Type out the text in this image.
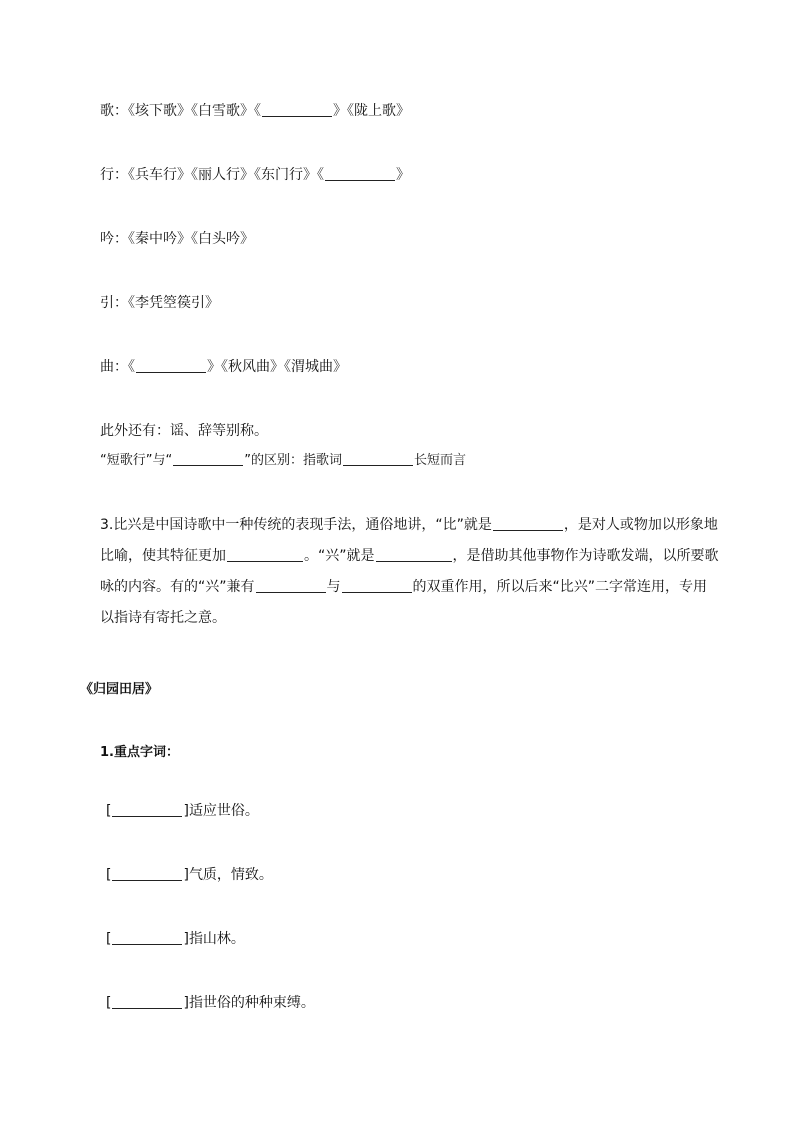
歌：《垓下歌》《白雪歌》《	》《陇上歌》

行：《兵车行》《丽人行》《东门行》《	》

吟：《秦中吟》《白头吟》

引：《李凭箜篌引》

曲：《	》《秋风曲》《渭城曲》

此外还有：谣、辞等别称。

“短歌行”与“	”的区别：指歌词	长短而言

3.比兴是中国诗歌中一种传统的表现手法，通俗地讲，“比”就是	，是对人或物加以形象地比喻，使其特征更加	。“兴”就是	，是借助其他事物作为诗歌发端，以所要歌咏的内容。有的“兴”兼有	与	的双重作用，所以后来“比兴”二字常连用，专用以指诗有寄托之意。

《归园田居》

1.重点字词：

[	]适应世俗。

[	]气质，情致。

[	]指山林。

[	]指世俗的种种束缚。
